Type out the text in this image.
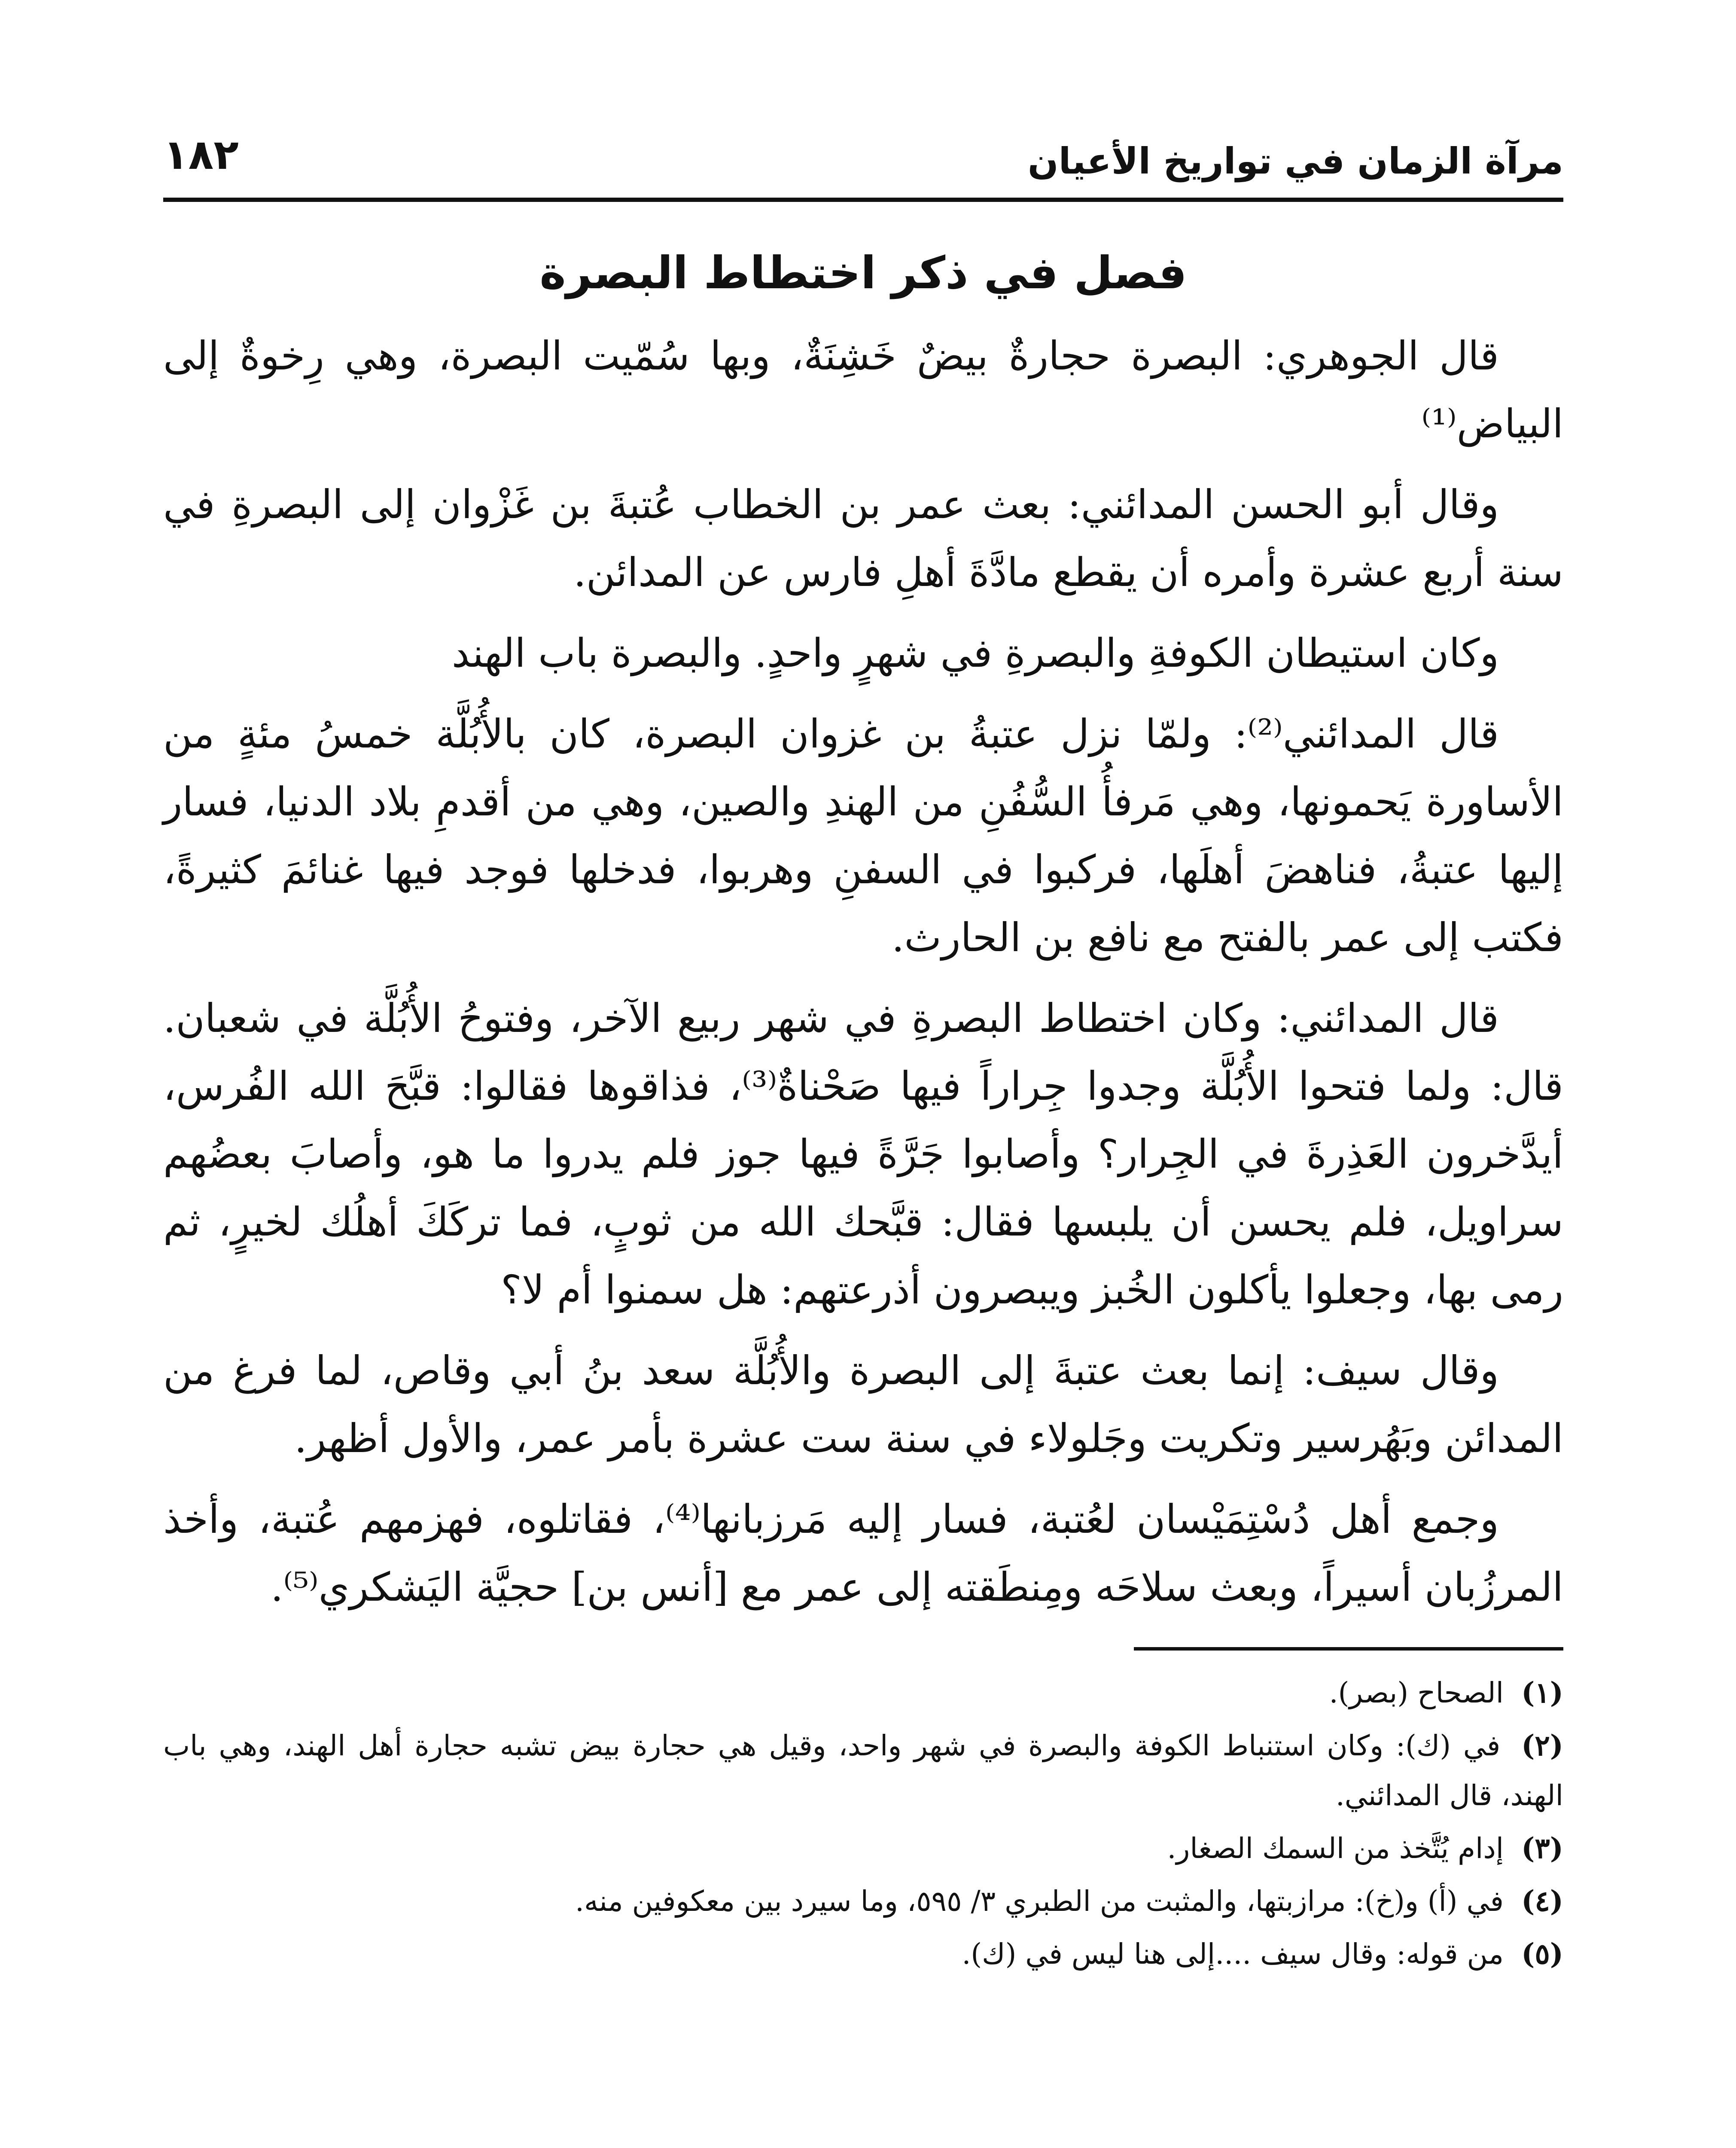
مرآة الزمان في تواريخ الأعيان
١٨٢
فصل في ذكر اختطاط البصرة

قال الجوهري: البصرة حجارةٌ بيضٌ خَشِنَةٌ، وبها سُمّيت البصرة، وهي رِخوةٌ إلى البياض⁽¹⁾

وقال أبو الحسن المدائني: بعث عمر بن الخطاب عُتبةَ بن غَزْوان إلى البصرةِ في سنة أربع عشرة وأمره أن يقطع مادَّةَ أهلِ فارس عن المدائن.

وكان استيطان الكوفةِ والبصرةِ في شهرٍ واحدٍ. والبصرة باب الهند

قال المدائني⁽²⁾: ولمّا نزل عتبةُ بن غزوان البصرة، كان بالأُبُلَّة خمسُ مئةٍ من الأساورة يَحمونها، وهي مَرفأُ السُّفُنِ من الهندِ والصين، وهي من أقدمِ بلاد الدنيا، فسار إليها عتبةُ، فناهضَ أهلَها، فركبوا في السفنِ وهربوا، فدخلها فوجد فيها غنائمَ كثيرةً، فكتب إلى عمر بالفتح مع نافع بن الحارث.

قال المدائني: وكان اختطاط البصرةِ في شهر ربيع الآخر، وفتوحُ الأُبُلَّة في شعبان. قال: ولما فتحوا الأُبُلَّة وجدوا جِراراً فيها صَحْناةٌ⁽³⁾، فذاقوها فقالوا: قبَّحَ الله الفُرس، أيدَّخرون العَذِرةَ في الجِرار؟ وأصابوا جَرَّةً فيها جوز فلم يدروا ما هو، وأصابَ بعضُهم سراويل، فلم يحسن أن يلبسها فقال: قبَّحك الله من ثوبٍ، فما تركَكَ أهلُك لخيرٍ، ثم رمى بها، وجعلوا يأكلون الخُبز ويبصرون أذرعتهم: هل سمنوا أم لا؟

وقال سيف: إنما بعث عتبةَ إلى البصرة والأُبُلَّة سعد بنُ أبي وقاص، لما فرغ من المدائن وبَهُرسير وتكريت وجَلولاء في سنة ست عشرة بأمر عمر، والأول أظهر.

وجمع أهل دُسْتِمَيْسان لعُتبة، فسار إليه مَرزبانها⁽⁴⁾، فقاتلوه، فهزمهم عُتبة، وأخذ المرزُبان أسيراً، وبعث سلاحَه ومِنطَقته إلى عمر مع [أنس بن] حجيَّة اليَشكري⁽⁵⁾.

(١) الصحاح (بصر).

(٢) في (ك): وكان استنباط الكوفة والبصرة في شهر واحد، وقيل هي حجارة بيض تشبه حجارة أهل الهند، وهي باب الهند، قال المدائني.

(٣) إدام يُتَّخذ من السمك الصغار.

(٤) في (أ) و(خ): مرازبتها، والمثبت من الطبري ٣/ ٥٩٥، وما سيرد بين معكوفين منه.

(٥) من قوله: وقال سيف ....إلى هنا ليس في (ك).
